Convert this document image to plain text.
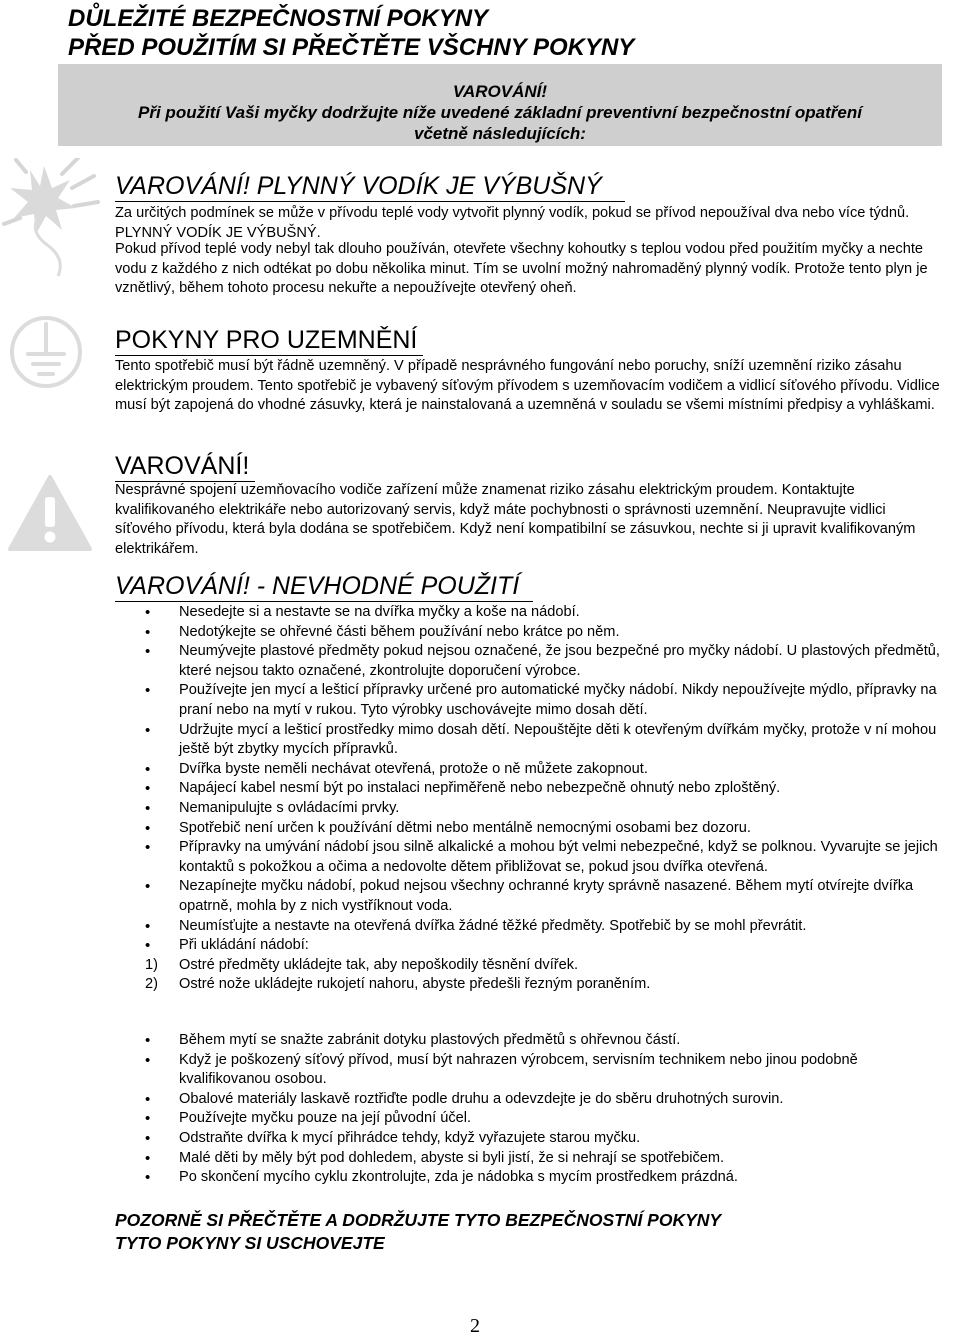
DŮLEŽITÉ BEZPEČNOSTNÍ POKYNY
PŘED POUŽITÍM SI PŘEČTĚTE VŠCHNY POKYNY
VAROVÁNÍ!
Při použití Vaši myčky dodržujte níže uvedené základní preventivní bezpečnostní opatření
včetně následujících:
VAROVÁNÍ! PLYNNÝ VODÍK JE VÝBUŠNÝ

Za určitých podmínek se může v přívodu teplé vody vytvořit plynný vodík, pokud se přívod nepoužíval dva nebo více týdnů. PLYNNÝ VODÍK JE VÝBUŠNÝ.

Pokud přívod teplé vody nebyl tak dlouho používán, otevřete všechny kohoutky s teplou vodou před použitím myčky a nechte vodu z každého z nich odtékat po dobu několika minut. Tím se uvolní možný nahromaděný plynný vodík. Protože tento plyn je vznětlivý, během tohoto procesu nekuřte a nepoužívejte otevřený oheň.

POKYNY PRO UZEMNĚNÍ

Tento spotřebič musí být řádně uzemněný. V případě nesprávného fungování nebo poruchy, sníží uzemnění riziko zásahu elektrickým proudem. Tento spotřebič je vybavený síťovým přívodem s uzemňovacím vodičem a vidlicí síťového přívodu. Vidlice musí být zapojená do vhodné zásuvky, která je nainstalovaná a uzemněná v souladu se všemi místními předpisy a vyhláškami.

VAROVÁNÍ!

Nesprávné spojení uzemňovacího vodiče zařízení může znamenat riziko zásahu elektrickým proudem. Kontaktujte kvalifikovaného elektrikáře nebo autorizovaný servis, když máte pochybnosti o správnosti uzemnění. Neupravujte vidlici síťového přívodu, která byla dodána se spotřebičem. Když není kompatibilní se zásuvkou, nechte si ji upravit kvalifikovaným elektrikářem.

VAROVÁNÍ! - NEVHODNÉ POUŽITÍ
• Nesedejte si a nestavte se na dvířka myčky a koše na nádobí.
• Nedotýkejte se ohřevné části během používání nebo krátce po něm.
• Neumývejte plastové předměty pokud nejsou označené, že jsou bezpečné pro myčky nádobí. U plastových předmětů, které nejsou takto označené, zkontrolujte doporučení výrobce.
• Používejte jen mycí a lešticí přípravky určené pro automatické myčky nádobí. Nikdy nepoužívejte mýdlo, přípravky na praní nebo na mytí v rukou. Tyto výrobky uschovávejte mimo dosah dětí.
• Udržujte mycí a lešticí prostředky mimo dosah dětí. Nepouštějte děti k otevřeným dvířkám myčky, protože v ní mohou ještě být zbytky mycích přípravků.
• Dvířka byste neměli nechávat otevřená, protože o ně můžete zakopnout.
• Napájecí kabel nesmí být po instalaci nepřiměřeně nebo nebezpečně ohnutý nebo zploštěný.
• Nemanipulujte s ovládacími prvky.
• Spotřebič není určen k používání dětmi nebo mentálně nemocnými osobami bez dozoru.
• Přípravky na umývání nádobí jsou silně alkalické a mohou být velmi nebezpečné, když se polknou. Vyvarujte se jejich kontaktů s pokožkou a očima a nedovolte dětem přibližovat se, pokud jsou dvířka otevřená.
• Nezapínejte myčku nádobí, pokud nejsou všechny ochranné kryty správně nasazené. Během mytí otvírejte dvířka opatrně, mohla by z nich vystříknout voda.
• Neumísťujte a nestavte na otevřená dvířka žádné těžké předměty. Spotřebič by se mohl převrátit.
• Při ukládání nádobí:
1) Ostré předměty ukládejte tak, aby nepoškodily těsnění dvířek.
2) Ostré nože ukládejte rukojetí nahoru, abyste předešli řezným poraněním.
• Během mytí se snažte zabránit dotyku plastových předmětů s ohřevnou částí.
• Když je poškozený síťový přívod, musí být nahrazen výrobcem, servisním technikem nebo jinou podobně kvalifikovanou osobou.
• Obalové materiály laskavě roztřiďte podle druhu a odevzdejte je do sběru druhotných surovin.
• Používejte myčku pouze na její původní účel.
• Odstraňte dvířka k mycí přihrádce tehdy, když vyřazujete starou myčku.
• Malé děti by měly být pod dohledem, abyste si byli jistí, že si nehrají se spotřebičem.
• Po skončení mycího cyklu zkontrolujte, zda je nádobka s mycím prostředkem prázdná.
POZORNĚ SI PŘEČTĚTE A DODRŽUJTE TYTO BEZPEČNOSTNÍ POKYNY
TYTO POKYNY SI USCHOVEJTE
2
